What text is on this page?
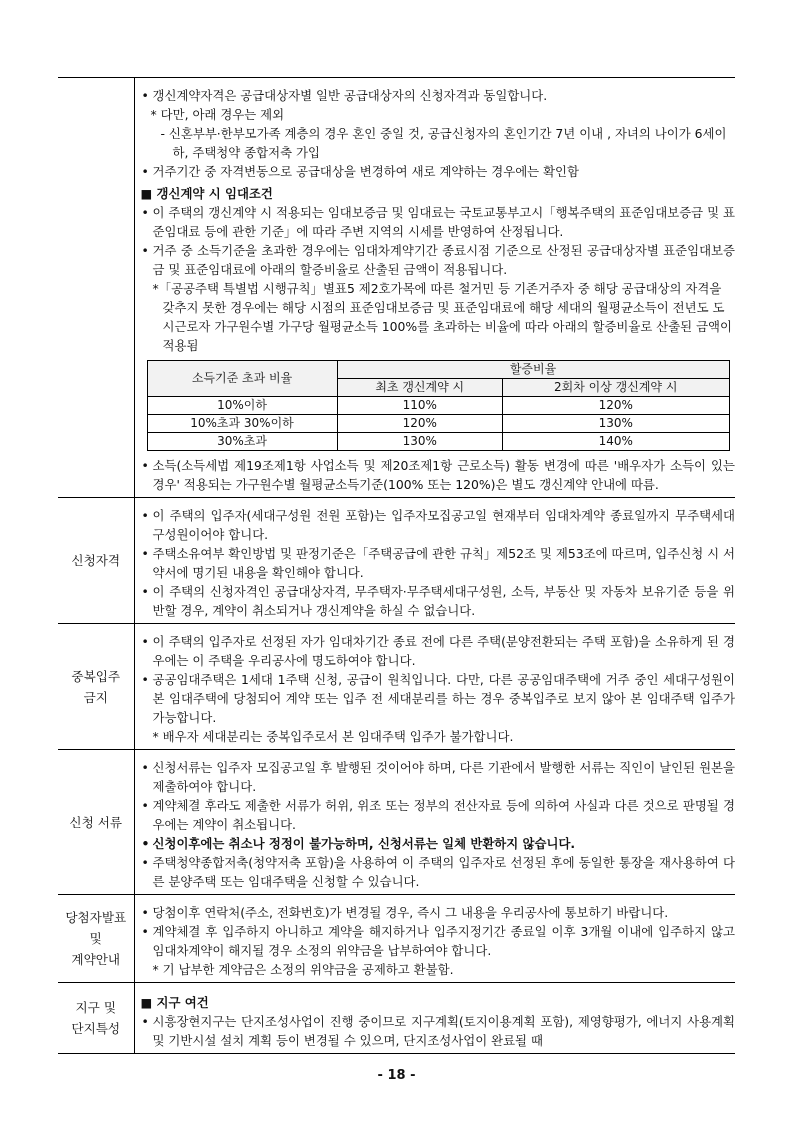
• 갱신계약자격은 공급대상자별 일반 공급대상자의 신청자격과 동일합니다.
* 다만, 아래 경우는 제외
- 신혼부부·한부모가족 계층의 경우 혼인 중일 것, 공급신청자의 혼인기간 7년 이내 , 자녀의 나이가 6세이하, 주택청약 종합저축 가입
• 거주기간 중 자격변동으로 공급대상을 변경하여 새로 계약하는 경우에는 확인함
■ 갱신계약 시 임대조건
• 이 주택의 갱신계약 시 적용되는 임대보증금 및 임대료는 국토교통부고시「행복주택의 표준임대보증금 및 표준임대료 등에 관한 기준」에 따라 주변 지역의 시세를 반영하여 산정됩니다.
• 거주 중 소득기준을 초과한 경우에는 임대차계약기간 종료시점 기준으로 산정된 공급대상자별 표준임대보증금 및 표준임대료에 아래의 할증비율로 산출된 금액이 적용됩니다.
*「공공주택 특별법 시행규칙」별표5 제2호가목에 따른 철거민 등 기존거주자 중 해당 공급대상의 자격을 갖추지 못한 경우에는 해당 시점의 표준임대보증금 및 표준임대료에 해당 세대의 월평균소득이 전년도 도시근로자 가구원수별 가구당 월평균소득 100%를 초과하는 비율에 따라 아래의 할증비율로 산출된 금액이 적용됨
소득기준 초과 비율	할증비율
최초 갱신계약 시	2회차 이상 갱신계약 시
10%이하	110%	120%
10%초과 30%이하	120%	130%
30%초과	130%	140%
• 소득(소득세법 제19조제1항 사업소득 및 제20조제1항 근로소득) 활동 변경에 따른 '배우자가 소득이 있는 경우' 적용되는 가구원수별 월평균소득기준(100% 또는 120%)은 별도 갱신계약 안내에 따름.

신청자격	
• 이 주택의 입주자(세대구성원 전원 포함)는 입주자모집공고일 현재부터 임대차계약 종료일까지 무주택세대구성원이어야 합니다.
• 주택소유여부 확인방법 및 판정기준은「주택공급에 관한 규칙」제52조 및 제53조에 따르며, 입주신청 시 서약서에 명기된 내용을 확인해야 합니다.
• 이 주택의 신청자격인 공급대상자격, 무주택자·무주택세대구성원, 소득, 부동산 및 자동차 보유기준 등을 위반할 경우, 계약이 취소되거나 갱신계약을 하실 수 없습니다.

중복입주
금지

• 이 주택의 입주자로 선정된 자가 임대차기간 종료 전에 다른 주택(분양전환되는 주택 포함)을 소유하게 된 경우에는 이 주택을 우리공사에 명도하여야 합니다.
• 공공임대주택은 1세대 1주택 신청, 공급이 원칙입니다. 다만, 다른 공공임대주택에 거주 중인 세대구성원이 본 임대주택에 당첨되어 계약 또는 입주 전 세대분리를 하는 경우 중복입주로 보지 않아 본 임대주택 입주가 가능합니다.
* 배우자 세대분리는 중복입주로서 본 임대주택 입주가 불가합니다.

신청 서류	
• 신청서류는 입주자 모집공고일 후 발행된 것이어야 하며, 다른 기관에서 발행한 서류는 직인이 날인된 원본을 제출하여야 합니다.
• 계약체결 후라도 제출한 서류가 허위, 위조 또는 정부의 전산자료 등에 의하여 사실과 다른 것으로 판명될 경우에는 계약이 취소됩니다.
• 신청이후에는 취소나 정정이 불가능하며, 신청서류는 일체 반환하지 않습니다.
• 주택청약종합저축(청약저축 포함)을 사용하여 이 주택의 입주자로 선정된 후에 동일한 통장을 재사용하여 다른 분양주택 또는 임대주택을 신청할 수 있습니다.

당첨자발표
및
계약안내

• 당첨이후 연락처(주소, 전화번호)가 변경될 경우, 즉시 그 내용을 우리공사에 통보하기 바랍니다.
• 계약체결 후 입주하지 아니하고 계약을 해지하거나 입주지정기간 종료일 이후 3개월 이내에 입주하지 않고 임대차계약이 해지될 경우 소정의 위약금을 납부하여야 합니다.
* 기 납부한 계약금은 소정의 위약금을 공제하고 환불함.

지구 및
단지특성

■ 지구 여건
• 시흥장현지구는 단지조성사업이 진행 중이므로 지구계획(토지이용계획 포함), 제영향평가, 에너지 사용계획 및 기반시설 설치 계획 등이 변경될 수 있으며, 단지조성사업이 완료될 때
- 18 -
